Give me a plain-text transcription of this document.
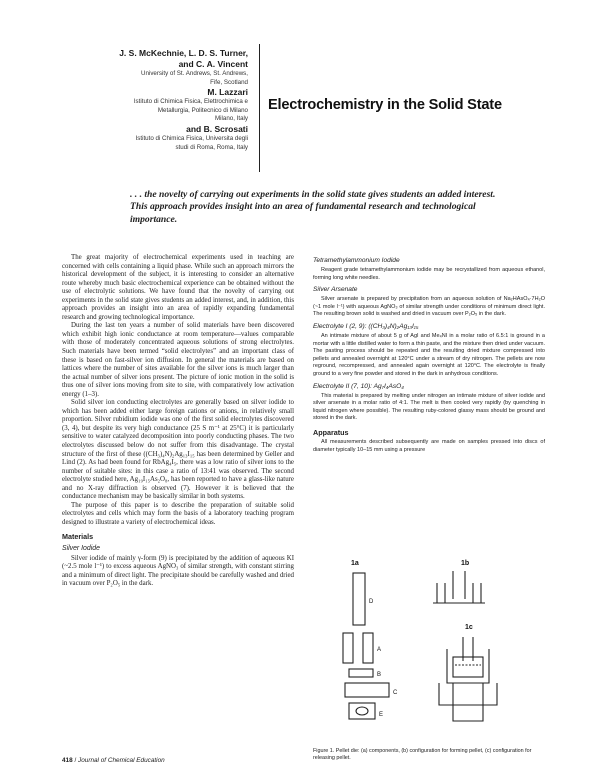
J. S. McKechnie, L. D. S. Turner,
and C. A. Vincent
University of St. Andrews, St. Andrews,
Fife, Scotland
M. Lazzari
Istituto di Chimica Fisica, Elettrochimica e
Metallurgia, Politecnico di Milano
Milano, Italy
and B. Scrosati
Istituto di Chimica Fisica, Universita degli
studi di Roma, Roma, Italy
Electrochemistry in the Solid State
. . . the novelty of carrying out experiments in the solid state gives students an added interest. This approach provides insight into an area of fundamental research and technological importance.

The great majority of electrochemical experiments used in teaching are concerned with cells containing a liquid phase. While such an approach mirrors the historical development of the subject, it is interesting to consider an alternative route whereby much basic electrochemical experience can be obtained without the use of electrolytic solutions. We have found that the novelty of carrying out experiments in the solid state gives students an added interest, and, in addition, this approach provides an insight into an area of rapidly expanding fundamental research and growing technological importance.

During the last ten years a number of solid materials have been discovered which exhibit high ionic conductance at room temperature—values comparable with those of moderately concentrated aqueous solutions of strong electrolytes. Such materials have been termed “solid electrolytes” and an important class of these is based on fast-silver ion diffusion. In general the materials are based on lattices where the number of sites available for the silver ions is much larger than the actual number of silver ions present. The picture of ionic motion in the solid is thus one of silver ions moving from site to site, with comparatively low activation energy (1–3).

Solid silver ion conducting electrolytes are generally based on silver iodide to which has been added either large foreign cations or anions, in relatively small proportion. Silver rubidium iodide was one of the first solid electrolytes discovered (3, 4), but despite its very high conductance (25 S m⁻¹ at 25°C) it is particularly sensitive to water catalyzed decomposition into poorly conducting phases. The two electrolytes discussed below do not suffer from this disadvantage. The crystal structure of the first of these ((CH₃)₄N)₂Ag₁₃I₁₅ has been determined by Geller and Lind (2). As had been found for RbAg₄I₅, there was a low ratio of silver ions to the number of suitable sites: in this case a ratio of 13:41 was observed. The second electrolyte studied here, Ag₁₉I₁₅As₂O₈, has been reported to have a glass-like nature and no X-ray diffraction is observed (7). However it is believed that the conductance mechanism may be basically similar in both systems.

The purpose of this paper is to describe the preparation of suitable solid electrolytes and cells which may form the basis of a laboratory teaching program designed to illustrate a variety of electrochemical ideas.

Materials
Silver Iodide

Silver iodide of mainly γ-form (9) is precipitated by the addition of aqueous KI (~2.5 mole l⁻¹) to excess aqueous AgNO₃ of similar strength, with constant stirring and a minimum of direct light. The precipitate should be carefully washed and dried in vacuum over P₂O₅ in the dark.

Tetramethylammonium Iodide

Reagent grade tetramethylammonium iodide may be recrystallized from aqueous ethanol, forming long white needles.

Silver Arsenate

Silver arsenate is prepared by precipitation from an aqueous solution of Na₂HAsO₄·7H₂O (~1 mole l⁻¹) with aqueous AgNO₃ of similar strength under conditions of minimum direct light. The resulting brown solid is washed and dried in vacuum over P₂O₅ in the dark.

Electrolyte I (2, 9): ((CH₃)₄N)₂Ag₁₃I₁₅

An intimate mixture of about 5 g of AgI and Me₄NI in a molar ratio of 6.5:1 is ground in a mortar with a little distilled water to form a thin paste, and the mixture then dried under vacuum. The pasting process should be repeated and the resulting dried mixture compressed into pellets and annealed overnight at 120°C under a stream of dry nitrogen. The pellets are now reground, recompressed, and annealed again overnight at 120°C. The electrolyte is finally ground to a very fine powder and stored in the dark in anhydrous conditions.

Electrolyte II (7, 10): Ag₇I₄AsO₄

This material is prepared by melting under nitrogen an intimate mixture of silver iodide and silver arsenate in a molar ratio of 4:1. The melt is then cooled very rapidly (by quenching in liquid nitrogen where possible). The resulting ruby-colored glassy mass should be ground and stored in the dark.

Apparatus

All measurements described subsequently are made on samples pressed into discs of diameter typically 10–15 mm using a pressure

1a	1b
1c
D
A
B
C
E
Figure 1. Pellet die: (a) components, (b) configuration for forming pellet, (c) configuration for releasing pellet.
418 / Journal of Chemical Education
